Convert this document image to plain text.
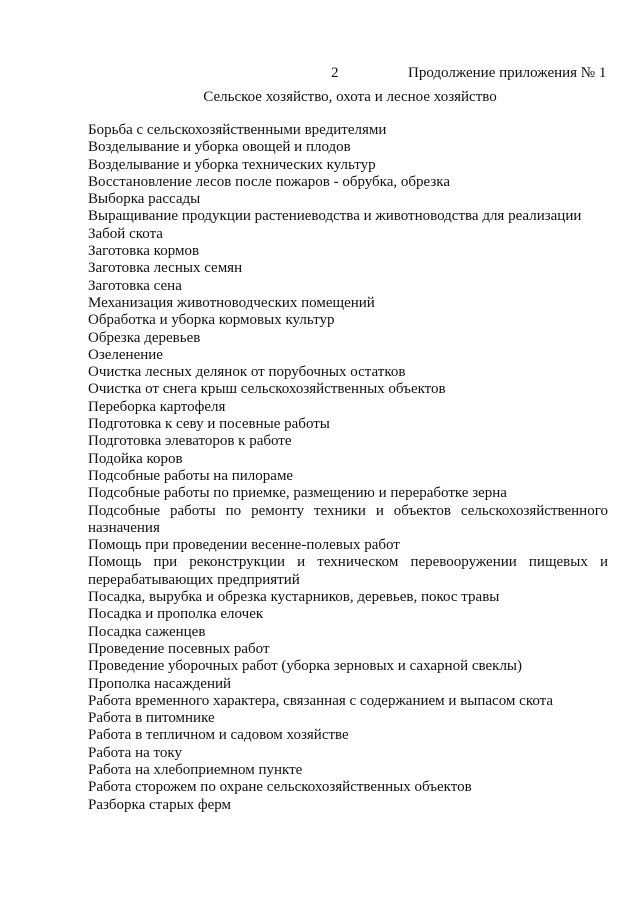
2	Продолжение приложения № 1
Сельское хозяйство, охота и лесное хозяйство
Борьба с сельскохозяйственными вредителями
Возделывание и уборка овощей и плодов
Возделывание и уборка технических культур
Восстановление лесов после пожаров - обрубка, обрезка
Выборка рассады
Выращивание продукции растениеводства и животноводства для реализации
Забой скота
Заготовка кормов
Заготовка лесных семян
Заготовка сена
Механизация животноводческих помещений
Обработка и уборка кормовых культур
Обрезка деревьев
Озеленение
Очистка лесных делянок от порубочных остатков
Очистка от снега крыш сельскохозяйственных объектов
Переборка картофеля
Подготовка к севу и посевные работы
Подготовка элеваторов к работе
Подойка коров
Подсобные работы на пилораме
Подсобные работы по приемке, размещению и переработке зерна
Подсобные работы по ремонту техники и объектов сельскохозяйственного назначения
Помощь при проведении весенне-полевых работ
Помощь при реконструкции и техническом перевооружении пищевых и перерабатывающих предприятий
Посадка, вырубка и обрезка кустарников, деревьев, покос травы
Посадка и прополка елочек
Посадка саженцев
Проведение посевных работ
Проведение уборочных работ (уборка зерновых и сахарной свеклы)
Прополка насаждений
Работа временного характера, связанная с содержанием и выпасом скота
Работа в питомнике
Работа в тепличном и садовом хозяйстве
Работа на току
Работа на хлебоприемном пункте
Работа сторожем по охране сельскохозяйственных объектов
Разборка старых ферм
